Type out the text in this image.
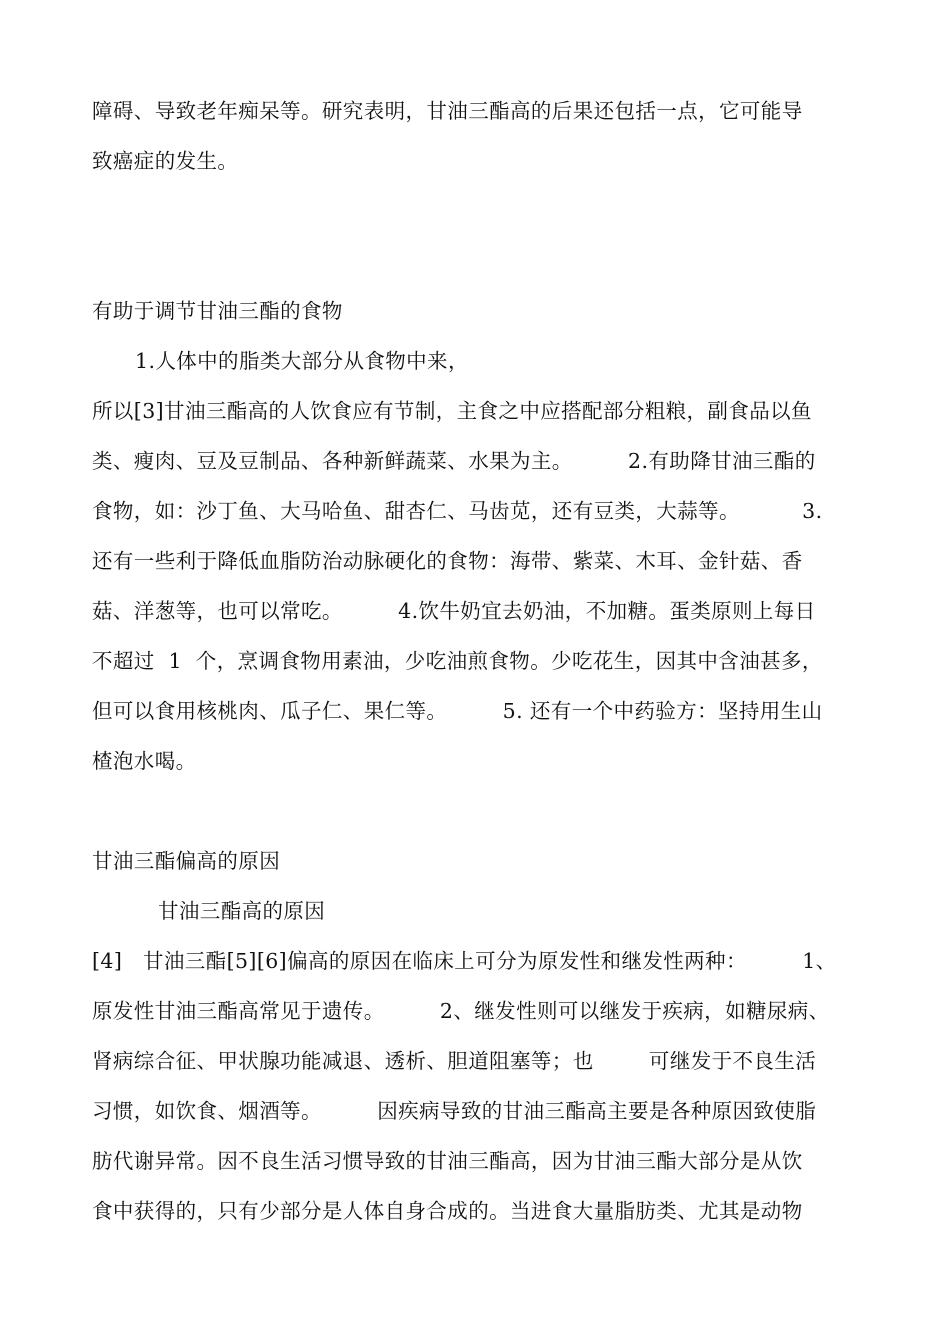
障碍、导致老年痴呆等。研究表明，甘油三酯高的后果还包括一点，它可能导
致癌症的发生。
有助于调节甘油三酯的食物
1.人体中的脂类大部分从食物中来，
所以[3]甘油三酯高的人饮食应有节制，主食之中应搭配部分粗粮，副食品以鱼
类、瘦肉、豆及豆制品、各种新鲜蔬菜、水果为主。        2.有助降甘油三酯的
食物，如：沙丁鱼、大马哈鱼、甜杏仁、马齿苋，还有豆类，大蒜等。         3.
还有一些利于降低血脂防治动脉硬化的食物：海带、紫菜、木耳、金针菇、香
菇、洋葱等，也可以常吃。        4.饮牛奶宜去奶油，不加糖。蛋类原则上每日
不超过  1  个，烹调食物用素油，少吃油煎食物。少吃花生，因其中含油甚多，
但可以食用核桃肉、瓜子仁、果仁等。        5. 还有一个中药验方：坚持用生山
楂泡水喝。
甘油三酯偏高的原因
甘油三酯高的原因
[4]   甘油三酯[5][6]偏高的原因在临床上可分为原发性和继发性两种：        1、
原发性甘油三酯高常见于遗传。        2、继发性则可以继发于疾病，如糖尿病、
肾病综合征、甲状腺功能减退、透析、胆道阻塞等；也        可继发于不良生活
习惯，如饮食、烟酒等。        因疾病导致的甘油三酯高主要是各种原因致使脂
肪代谢异常。因不良生活习惯导致的甘油三酯高，因为甘油三酯大部分是从饮
食中获得的，只有少部分是人体自身合成的。当进食大量脂肪类、尤其是动物
